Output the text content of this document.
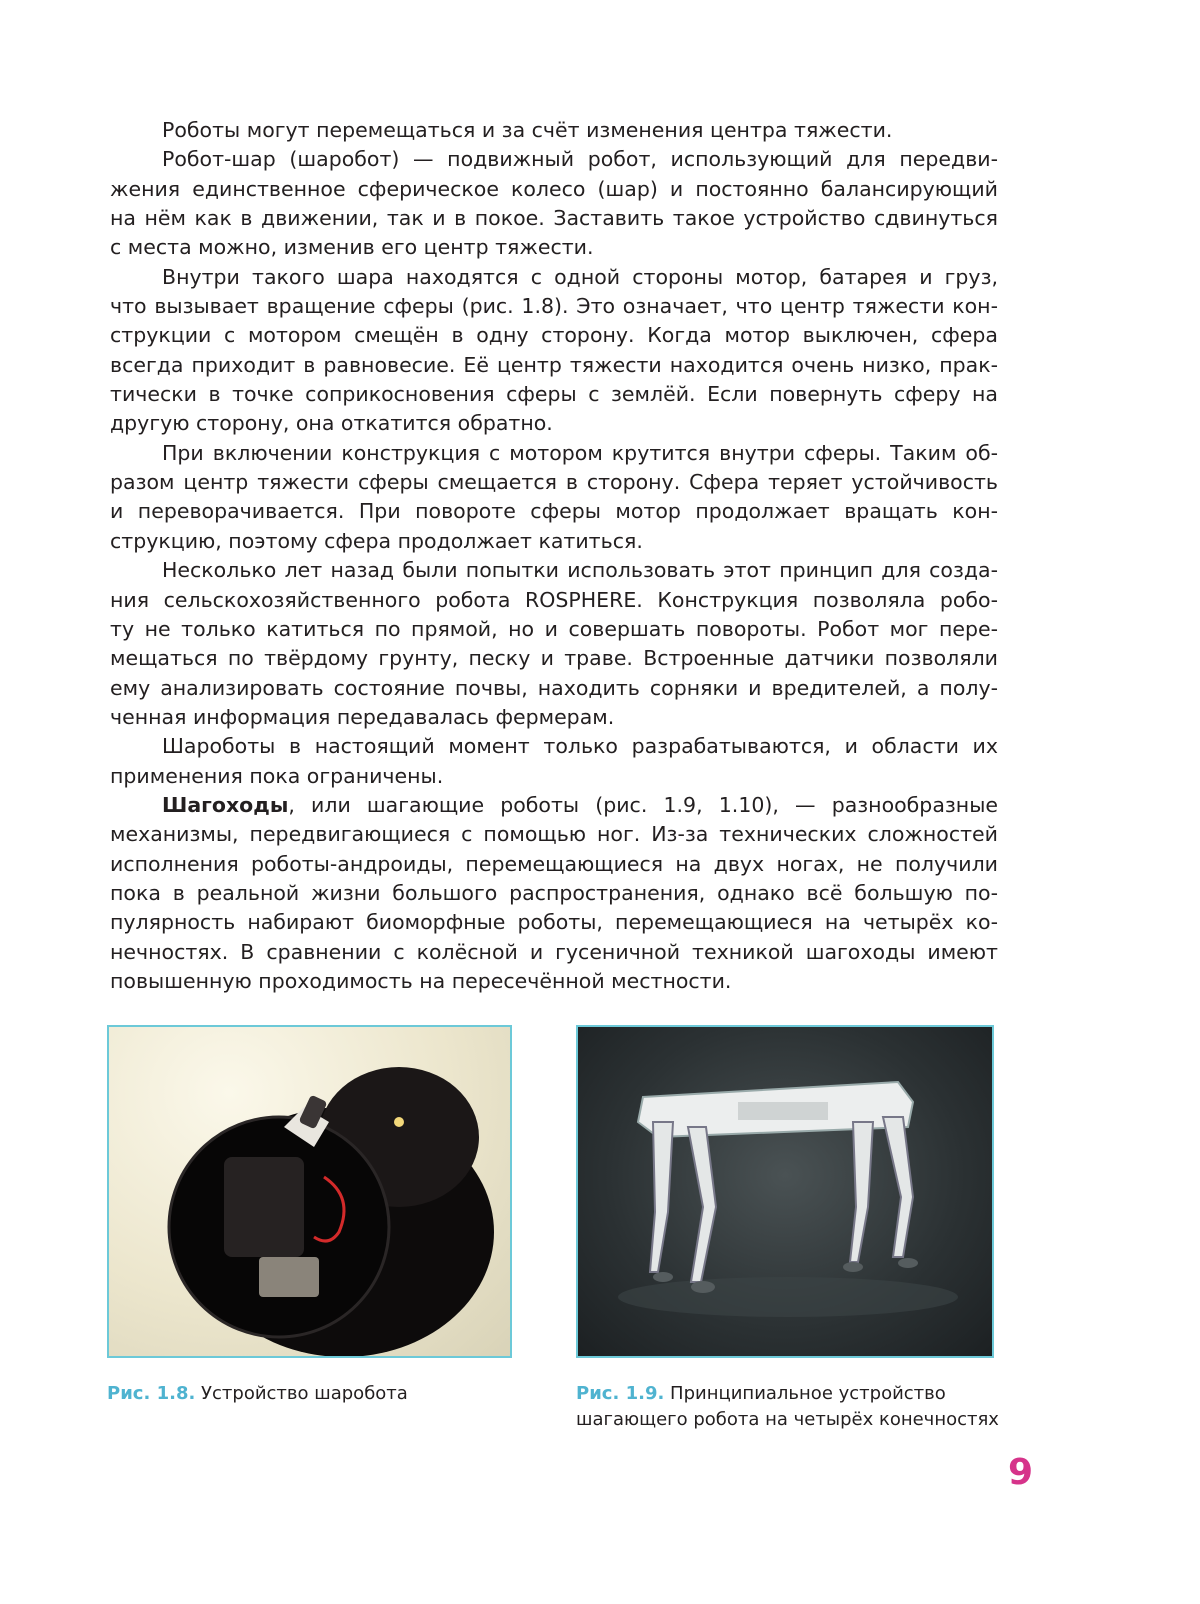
Роботы могут перемещаться и за счёт изменения центра тяжести.
Робот-шар (шаробот) — подвижный робот, использующий для передви-
жения единственное сферическое колесо (шар) и постоянно балансирующий
на нём как в движении, так и в покое. Заставить такое устройство сдвинуться
с места можно, изменив его центр тяжести.
Внутри такого шара находятся с одной стороны мотор, батарея и груз,
что вызывает вращение сферы (рис. 1.8). Это означает, что центр тяжести кон-
струкции с мотором смещён в одну сторону. Когда мотор выключен, сфера
всегда приходит в равновесие. Её центр тяжести находится очень низко, прак-
тически в точке соприкосновения сферы с землёй. Если повернуть сферу на
другую сторону, она откатится обратно.
При включении конструкция с мотором крутится внутри сферы. Таким об-
разом центр тяжести сферы смещается в сторону. Сфера теряет устойчивость
и переворачивается. При повороте сферы мотор продолжает вращать кон-
струкцию, поэтому сфера продолжает катиться.
Несколько лет назад были попытки использовать этот принцип для созда-
ния сельскохозяйственного робота ROSPHERE. Конструкция позволяла робо-
ту не только катиться по прямой, но и совершать повороты. Робот мог пере-
мещаться по твёрдому грунту, песку и траве. Встроенные датчики позволяли
ему анализировать состояние почвы, находить сорняки и вредителей, а полу-
ченная информация передавалась фермерам.
Шароботы в настоящий момент только разрабатываются, и области их
применения пока ограничены.
Шагоходы, или шагающие роботы (рис. 1.9, 1.10), — разнообразные
механизмы, передвигающиеся с помощью ног. Из-за технических сложностей
исполнения роботы-андроиды, перемещающиеся на двух ногах, не получили
пока в реальной жизни большого распространения, однако всё большую по-
пулярность набирают биоморфные роботы, перемещающиеся на четырёх ко-
нечностях. В сравнении с колёсной и гусеничной техникой шагоходы имеют
повышенную проходимость на пересечённой местности.
Рис. 1.8. Устройство шаробота	Рис. 1.9. Принципиальное устройство
шагающего робота на четырёх конечностях
9
